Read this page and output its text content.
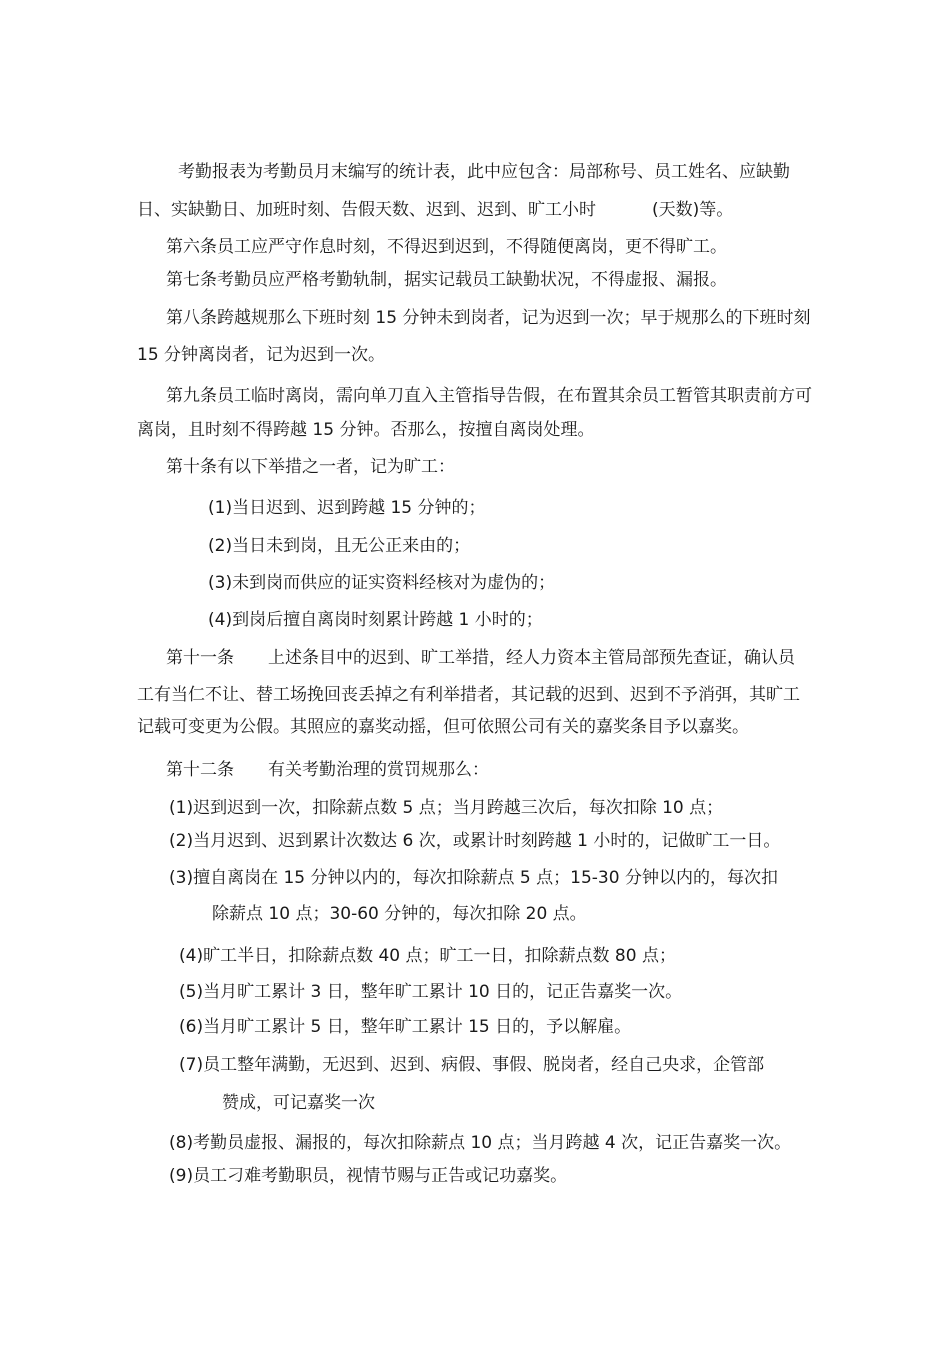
考勤报表为考勤员月末编写的统计表，此中应包含：局部称号、员工姓名、应缺勤
日、实缺勤日、加班时刻、告假天数、迟到、迟到、旷工小时	(天数)等。
第六条员工应严守作息时刻，不得迟到迟到，不得随便离岗，更不得旷工。
第七条考勤员应严格考勤轨制，据实记载员工缺勤状况，不得虚报、漏报。
第八条跨越规那么下班时刻 15 分钟未到岗者，记为迟到一次；早于规那么的下班时刻
15 分钟离岗者，记为迟到一次。
第九条员工临时离岗，需向单刀直入主管指导告假，在布置其余员工暂管其职责前方可
离岗，且时刻不得跨越 15 分钟。否那么，按擅自离岗处理。
第十条有以下举措之一者，记为旷工：
(1)当日迟到、迟到跨越 15 分钟的；
(2)当日未到岗，且无公正来由的；
(3)未到岗而供应的证实资料经核对为虚伪的；
(4)到岗后擅自离岗时刻累计跨越 1 小时的；
第十一条 上述条目中的迟到、旷工举措，经人力资本主管局部预先查证，确认员
工有当仁不让、替工场挽回丧丢掉之有利举措者，其记载的迟到、迟到不予消弭，其旷工
记载可变更为公假。其照应的嘉奖动摇，但可依照公司有关的嘉奖条目予以嘉奖。
第十二条 有关考勤治理的赏罚规那么：
(1)迟到迟到一次，扣除薪点数 5 点；当月跨越三次后，每次扣除 10 点；
(2)当月迟到、迟到累计次数达 6 次，或累计时刻跨越 1 小时的，记做旷工一日。
(3)擅自离岗在 15 分钟以内的，每次扣除薪点 5 点；15-30 分钟以内的，每次扣
除薪点 10 点；30-60 分钟的，每次扣除 20 点。
(4)旷工半日，扣除薪点数 40 点；旷工一日，扣除薪点数 80 点；
(5)当月旷工累计 3 日，整年旷工累计 10 日的，记正告嘉奖一次。
(6)当月旷工累计 5 日，整年旷工累计 15 日的，予以解雇。
(7)员工整年满勤，无迟到、迟到、病假、事假、脱岗者，经自己央求，企管部
赞成，可记嘉奖一次
(8)考勤员虚报、漏报的，每次扣除薪点 10 点；当月跨越 4 次，记正告嘉奖一次。
(9)员工刁难考勤职员，视情节赐与正告或记功嘉奖。
